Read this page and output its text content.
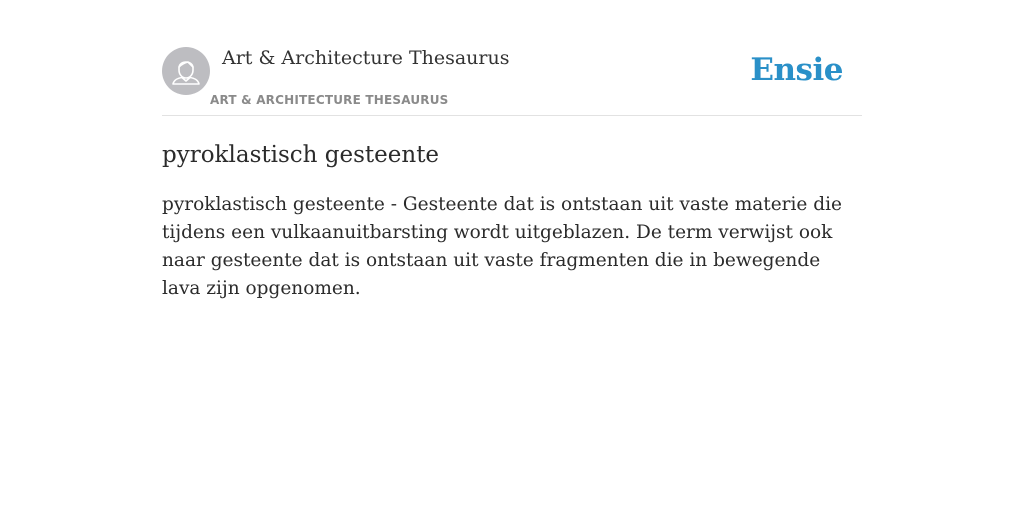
Art & Architecture Thesaurus
ART & ARCHITECTURE THESAURUS
Ensie
pyroklastisch gesteente

pyroklastisch gesteente - Gesteente dat is ontstaan uit vaste materie die tijdens een vulkaanuitbarsting wordt uitgeblazen. De term verwijst ook naar gesteente dat is ontstaan uit vaste fragmenten die in bewegende lava zijn opgenomen.
